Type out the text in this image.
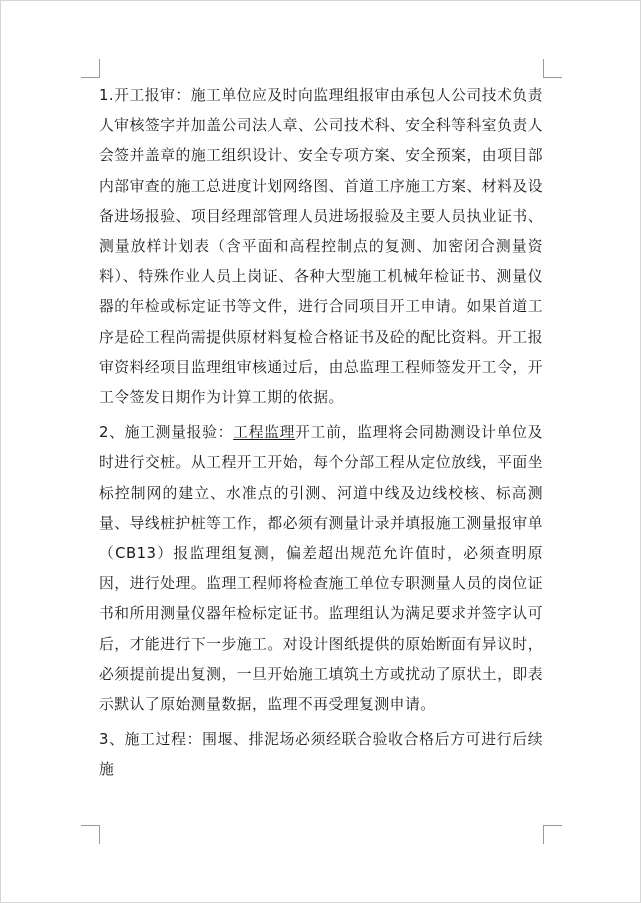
1.开工报审：施工单位应及时向监理组报审由承包人公司技术负责人审核签字并加盖公司法人章、公司技术科、安全科等科室负责人会签并盖章的施工组织设计、安全专项方案、安全预案，由项目部内部审查的施工总进度计划网络图、首道工序施工方案、材料及设备进场报验、项目经理部管理人员进场报验及主要人员执业证书、测量放样计划表（含平面和高程控制点的复测、加密闭合测量资料）、特殊作业人员上岗证、各种大型施工机械年检证书、测量仪器的年检或标定证书等文件，进行合同项目开工申请。如果首道工序是砼工程尚需提供原材料复检合格证书及砼的配比资料。开工报审资料经项目监理组审核通过后，由总监理工程师签发开工令，开工令签发日期作为计算工期的依据。

2、施工测量报验：工程监理开工前，监理将会同勘测设计单位及时进行交桩。从工程开工开始，每个分部工程从定位放线，平面坐标控制网的建立、水准点的引测、河道中线及边线校核、标高测量、导线桩护桩等工作，都必须有测量计录并填报施工测量报审单（CB13）报监理组复测，偏差超出规范允许值时，必须查明原因，进行处理。监理工程师将检查施工单位专职测量人员的岗位证书和所用测量仪器年检标定证书。监理组认为满足要求并签字认可后，才能进行下一步施工。对设计图纸提供的原始断面有异议时，必须提前提出复测，一旦开始施工填筑土方或扰动了原状土，即表示默认了原始测量数据，监理不再受理复测申请。

3、施工过程：围堰、排泥场必须经联合验收合格后方可进行后续施
